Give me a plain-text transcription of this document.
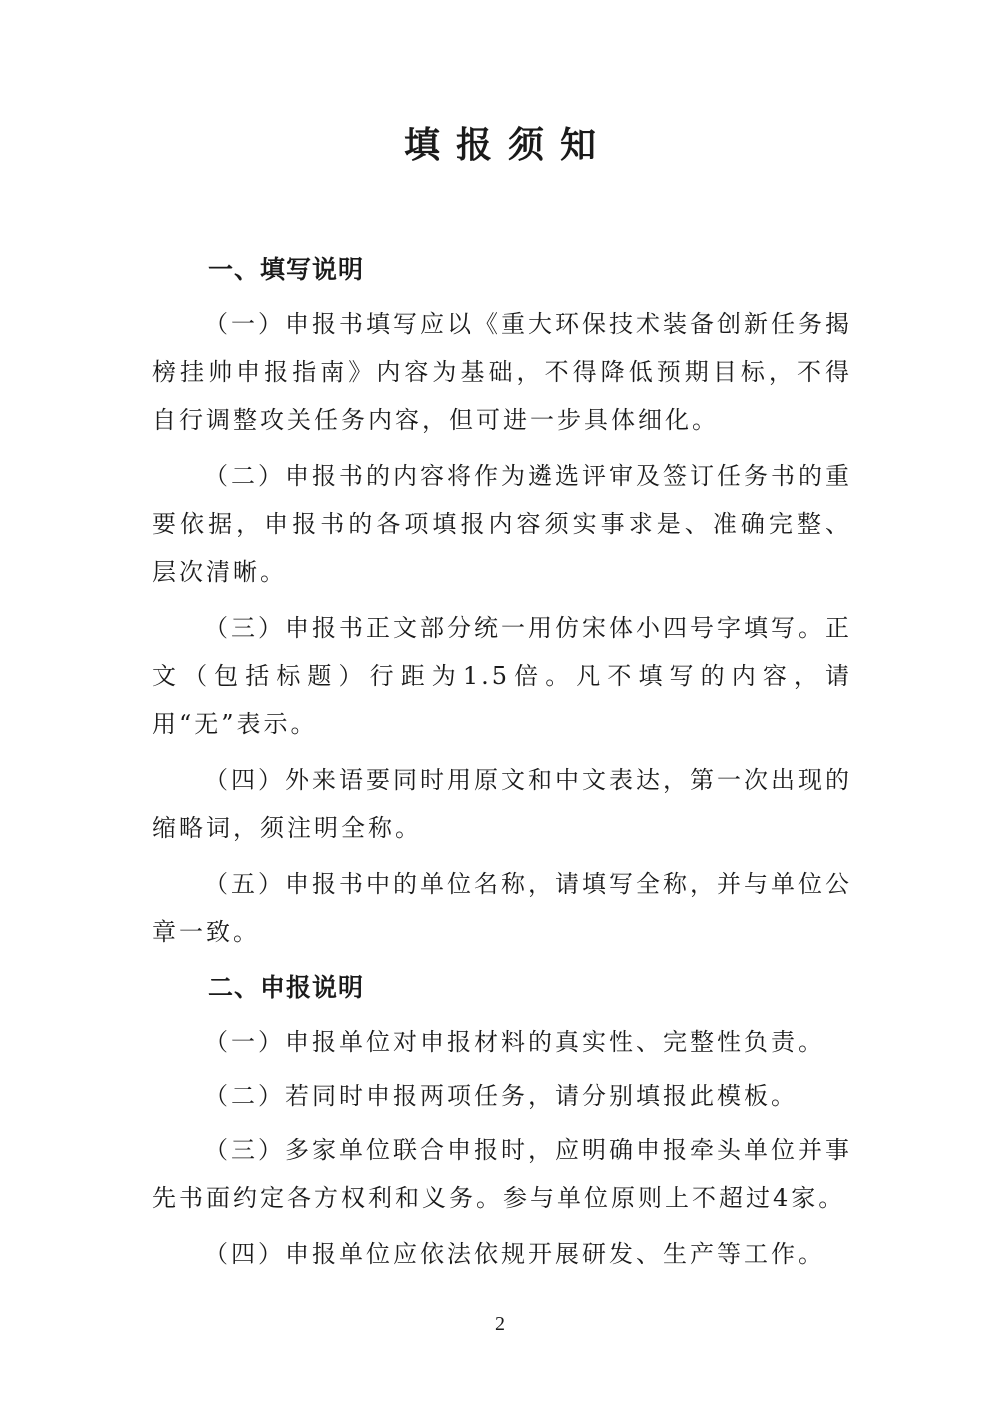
填报须知
一、填写说明

（一）申报书填写应以《重大环保技术装备创新任务揭榜挂帅申报指南》内容为基础，不得降低预期目标，不得自行调整攻关任务内容，但可进一步具体细化。

（二）申报书的内容将作为遴选评审及签订任务书的重要依据，申报书的各项填报内容须实事求是、准确完整、层次清晰。

（三）申报书正文部分统一用仿宋体小四号字填写。正文（包括标题）行距为1.5倍。凡不填写的内容，请用“无”表示。

（四）外来语要同时用原文和中文表达，第一次出现的缩略词，须注明全称。

（五）申报书中的单位名称，请填写全称，并与单位公章一致。

二、申报说明

（一）申报单位对申报材料的真实性、完整性负责。

（二）若同时申报两项任务，请分别填报此模板。

（三）多家单位联合申报时，应明确申报牵头单位并事先书面约定各方权利和义务。参与单位原则上不超过4家。

（四）申报单位应依法依规开展研发、生产等工作。

2
